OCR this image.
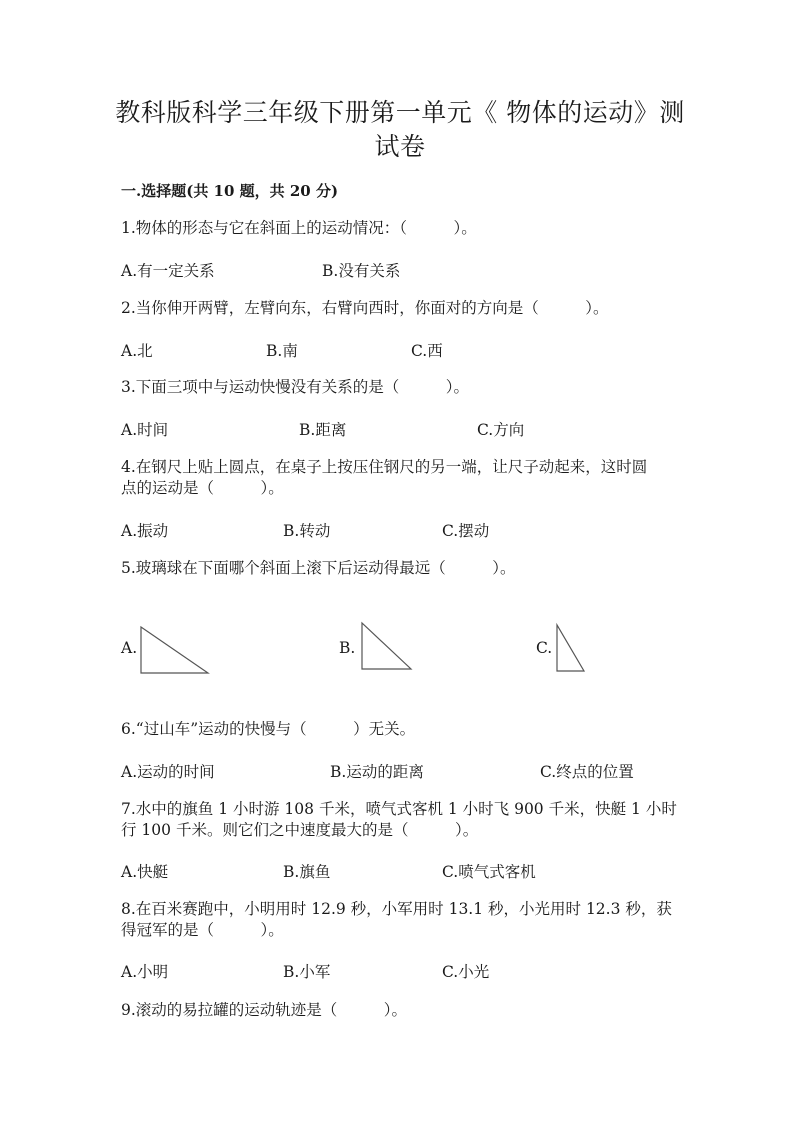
教科版科学三年级下册第一单元《 物体的运动》测
试卷
一.选择题(共 10 题，共 20 分)
1.物体的形态与它在斜面上的运动情况：（　　　）。
A.有一定关系	B.没有关系
2.当你伸开两臂，左臂向东，右臂向西时，你面对的方向是（　　　）。
A.北	B.南	C.西
3.下面三项中与运动快慢没有关系的是（　　　）。
A.时间	B.距离	C.方向
4.在钢尺上贴上圆点，在桌子上按压住钢尺的另一端，让尺子动起来，这时圆
点的运动是（　　　）。
A.振动	B.转动	C.摆动
5.玻璃球在下面哪个斜面上滚下后运动得最远（　　　）。
A.	B.	C.
6.“过山车”运动的快慢与（　　　）无关。
A.运动的时间	B.运动的距离	C.终点的位置
7.水中的旗鱼 1 小时游 108 千米，喷气式客机 1 小时飞 900 千米，快艇 1 小时
行 100 千米。则它们之中速度最大的是（　　　）。
A.快艇	B.旗鱼	C.喷气式客机
8.在百米赛跑中，小明用时 12.9 秒，小军用时 13.1 秒，小光用时 12.3 秒，获
得冠军的是（　　　）。
A.小明	B.小军	C.小光
9.滚动的易拉罐的运动轨迹是（　　　）。
